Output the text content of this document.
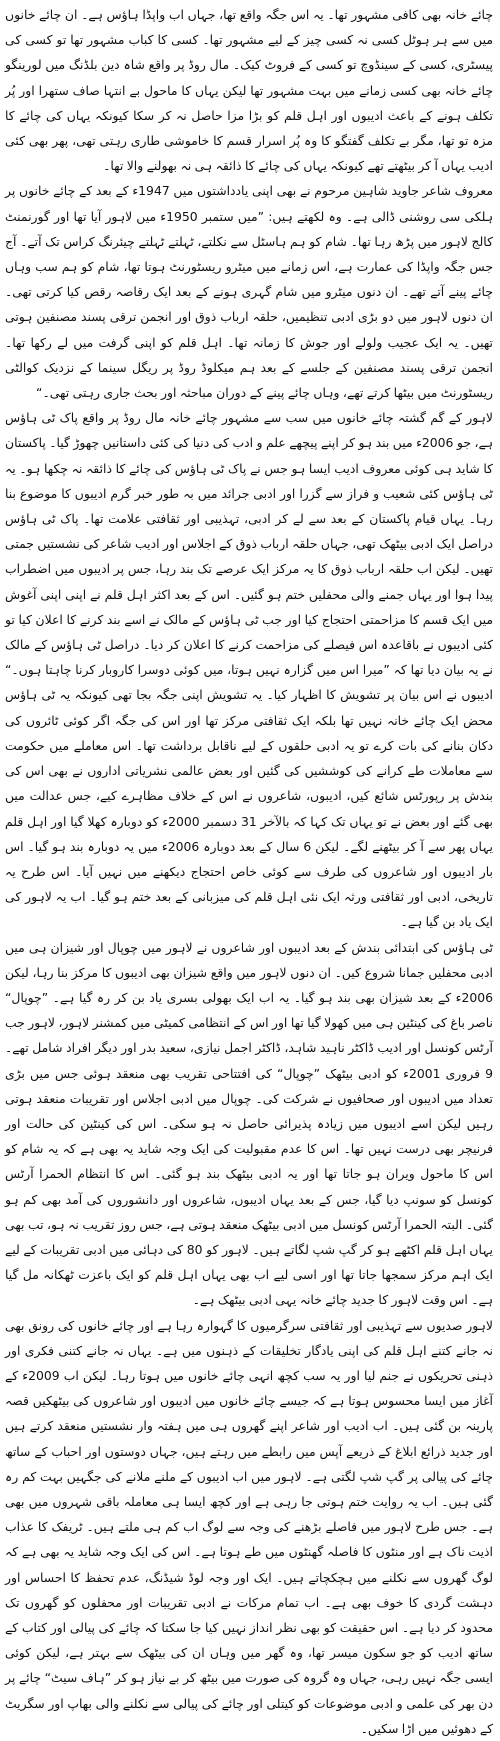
چائے خانہ بھی کافی مشہور تھا۔ یہ اس جگہ واقع تھا، جہاں اب واپڈا ہاؤس ہے۔ ان چائے خانوں میں سے ہر ہوٹل کسی نہ کسی چیز کے لیے مشہور تھا۔ کسی کا کباب مشہور تھا تو کسی کی پیسٹری، کسی کے سینڈوچ تو کسی کے فروٹ کیک۔ مال روڈ پر واقع شاہ دین بلڈنگ میں لورینگو چائے خانہ بھی کسی زمانے میں بہت مشہور تھا لیکن یہاں کا ماحول بے انتہا صاف ستھرا اور پُر تکلف ہونے کے باعث ادیبوں اور اہل قلم کو بڑا مزا حاصل نہ کر سکا کیونکہ یہاں کی چائے کا مزہ تو تھا، مگر بے تکلف گفتگو کا وہ پُر اسرار قسم کا خاموشی طاری رہتی تھی، پھر بھی کئی ادیب یہاں آ کر بیٹھتے تھے کیونکہ یہاں کی چائے کا ذائقہ ہی نہ بھولنے والا تھا۔

معروف شاعر جاوید شاہین مرحوم نے بھی اپنی یادداشتوں میں 1947ء کے بعد کے چائے خانوں پر ہلکی سی روشنی ڈالی ہے۔ وہ لکھتے ہیں: ”میں ستمبر 1950ء میں لاہور آیا تھا اور گورنمنٹ کالج لاہور میں پڑھ رہا تھا۔ شام کو ہم ہاسٹل سے نکلتے، ٹہلتے ٹہلتے چیئرنگ کراس تک آتے۔ آج جس جگہ واپڈا کی عمارت ہے، اس زمانے میں میٹرو ریسٹورنٹ ہوتا تھا، شام کو ہم سب وہاں چائے پینے آتے تھے۔ ان دنوں میٹرو میں شام گہری ہونے کے بعد ایک رقاصہ رقص کیا کرتی تھی۔ ان دنوں لاہور میں دو بڑی ادبی تنظیمیں، حلقہ ارباب ذوق اور انجمن ترقی پسند مصنفین ہوتی تھیں۔ یہ ایک عجیب ولولے اور جوش کا زمانہ تھا۔ اہل قلم کو اپنی گرفت میں لے رکھا تھا۔ انجمن ترقی پسند مصنفین کے جلسے کے بعد ہم میکلوڈ روڈ پر ریگل سینما کے نزدیک کوالٹی ریسٹورنٹ میں بیٹھا کرتے تھے، وہاں چائے پینے کے دوران مباحثہ اور بحث جاری رہتی تھی۔“

لاہور کے گم گشتہ چائے خانوں میں سب سے مشہور چائے خانہ مال روڈ پر واقع پاک ٹی ہاؤس ہے، جو 2006ء میں بند ہو کر اپنے پیچھے علم و ادب کی دنیا کی کئی داستانیں چھوڑ گیا۔ پاکستان کا شاید ہی کوئی معروف ادیب ایسا ہو جس نے پاک ٹی ہاؤس کی چائے کا ذائقہ نہ چکھا ہو۔ یہ ٹی ہاؤس کئی شعیب و فراز سے گزرا اور ادبی جرائد میں بہ طور خبر گرم ادیبوں کا موضوع بنا رہا۔ یہاں قیام پاکستان کے بعد سے لے کر ادبی، تہذیبی اور ثقافتی علامت تھا۔ پاک ٹی ہاؤس دراصل ایک ادبی بیٹھک تھی، جہاں حلقہ ارباب ذوق کے اجلاس اور ادیب شاعر کی نشستیں جمتی تھیں۔ لیکن اب حلقہ ارباب ذوق کا یہ مرکز ایک عرصے تک بند رہا، جس پر ادیبوں میں اضطراب پیدا ہوا اور یہاں جمنے والی محفلیں ختم ہو گئیں۔ اس کے بعد اکثر اہل قلم نے اپنی اپنی آغوش میں ایک قسم کا مزاحمتی احتجاج کیا اور جب ٹی ہاؤس کے مالک نے اسے بند کرنے کا اعلان کیا تو کئی ادیبوں نے باقاعدہ اس فیصلے کی مزاحمت کرنے کا اعلان کر دیا۔ دراصل ٹی ہاؤس کے مالک نے یہ بیان دیا تھا کہ ”میرا اس میں گزارہ نہیں ہوتا، میں کوئی دوسرا کاروبار کرنا چاہتا ہوں۔“ ادیبوں نے اس بیان پر تشویش کا اظہار کیا۔ یہ تشویش اپنی جگہ بجا تھی کیونکہ یہ ٹی ہاؤس محض ایک چائے خانہ نہیں تھا بلکہ ایک ثقافتی مرکز تھا اور اس کی جگہ اگر کوئی ٹائروں کی دکان بنانے کی بات کرے تو یہ ادبی حلقوں کے لیے ناقابل برداشت تھا۔ اس معاملے میں حکومت سے معاملات طے کرانے کی کوششیں کی گئیں اور بعض عالمی نشریاتی اداروں نے بھی اس کی بندش پر رپورٹس شائع کیں، ادیبوں، شاعروں نے اس کے خلاف مظاہرے کیے، جس عدالت میں بھی گئے اور بعض نے تو یہاں تک کہا کہ بالآخر 31 دسمبر 2000ء کو دوبارہ کھلا گیا اور اہل قلم یہاں پھر سے آ کر بیٹھنے لگے۔ لیکن 6 سال کے بعد دوبارہ 2006ء میں یہ دوبارہ بند ہو گیا۔ اس بار ادیبوں اور شاعروں کی طرف سے کوئی خاص احتجاج دیکھنے میں نہیں آیا۔ اس طرح یہ تاریخی، ادبی اور ثقافتی ورثہ ایک نئی اہل قلم کی میزبانی کے بعد ختم ہو گیا۔ اب یہ لاہور کی ایک یاد بن گیا ہے۔

ٹی ہاؤس کی ابتدائی بندش کے بعد ادیبوں اور شاعروں نے لاہور میں چوپال اور شیزان ہی میں ادبی محفلیں جمانا شروع کیں۔ ان دنوں لاہور میں واقع شیزان بھی ادیبوں کا مرکز بنا رہا، لیکن 2006ء کے بعد شیزان بھی بند ہو گیا۔ یہ اب ایک بھولی بسری یاد بن کر رہ گیا ہے۔ ”چوپال“ ناصر باغ کی کینٹین ہی میں کھولا گیا تھا اور اس کے انتظامی کمیٹی میں کمشنر لاہور، لاہور جب آرٹس کونسل اور ادیب ڈاکٹر ناہید شاہد، ڈاکٹر اجمل نیازی، سعید بدر اور دیگر افراد شامل تھے۔ 9 فروری 2001ء کو ادبی بیٹھک ”چوپال“ کی افتتاحی تقریب بھی منعقد ہوئی جس میں بڑی تعداد میں ادیبوں اور صحافیوں نے شرکت کی۔ چوپال میں ادبی اجلاس اور تقریبات منعقد ہوتی رہیں لیکن اسے ادیبوں میں زیادہ پذیرائی حاصل نہ ہو سکی۔ اس کی کینٹین کی حالت اور فرنیچر بھی درست نہیں تھا۔ اس کا عدم مقبولیت کی ایک وجہ شاید یہ بھی ہے کہ یہ شام کو اس کا ماحول ویران ہو جاتا تھا اور یہ ادبی بیٹھک بند ہو گئی۔ اس کا انتظام الحمرا آرٹس کونسل کو سونپ دیا گیا، جس کے بعد یہاں ادیبوں، شاعروں اور دانشوروں کی آمد بھی کم ہو گئی۔ البتہ الحمرا آرٹس کونسل میں ادبی بیٹھک منعقد ہوتی ہے، جس روز تقریب نہ ہو، تب بھی یہاں اہل قلم اکٹھے ہو کر گپ شپ لگاتے ہیں۔ لاہور کو 80 کی دہائی میں ادبی تقریبات کے لیے ایک اہم مرکز سمجھا جاتا تھا اور اسی لیے اب بھی یہاں اہل قلم کو ایک باعزت ٹھکانہ مل گیا ہے۔ اس وقت لاہور کا جدید چائے خانہ یہی ادبی بیٹھک ہے۔

لاہور صدیوں سے تہذیبی اور ثقافتی سرگرمیوں کا گہوارہ رہا ہے اور چائے خانوں کی رونق بھی نہ جانے کتنے اہل قلم کی اپنی یادگار تخلیقات کے ذہنوں میں ہے۔ یہاں نہ جانے کتنی فکری اور ذہنی تحریکوں نے جنم لیا اور یہ سب کچھ انہی چائے خانوں میں ہوتا رہا۔ لیکن اب 2009ء کے آغاز میں ایسا محسوس ہوتا ہے کہ جیسے چائے خانوں میں ادیبوں اور شاعروں کی بیٹھکیں قصہ پارینہ بن گئی ہیں۔ اب ادیب اور شاعر اپنے گھروں ہی میں ہفتہ وار نشستیں منعقد کرتے ہیں اور جدید ذرائع ابلاغ کے ذریعے آپس میں رابطے میں رہتے ہیں، جہاں دوستوں اور احباب کے ساتھ چائے کی پیالی پر گپ شپ لگتی ہے۔ لاہور میں اب ادیبوں کے ملنے ملانے کی جگہیں بہت کم رہ گئی ہیں۔ اب یہ روایت ختم ہوتی جا رہی ہے اور کچھ ایسا ہی معاملہ باقی شہروں میں بھی ہے۔ جس طرح لاہور میں فاصلے بڑھنے کی وجہ سے لوگ اب کم ہی ملتے ہیں۔ ٹریفک کا عذاب اذیت ناک ہے اور منٹوں کا فاصلہ گھنٹوں میں طے ہوتا ہے۔ اس کی ایک وجہ شاید یہ بھی ہے کہ لوگ گھروں سے نکلنے میں ہچکچاتے ہیں۔ ایک اور وجہ لوڈ شیڈنگ، عدم تحفظ کا احساس اور دہشت گردی کا خوف بھی ہے۔ اب تمام مرکات نے ادبی تقریبات اور محفلوں کو گھروں تک محدود کر دیا ہے۔ اس حقیقت کو بھی نظر انداز نہیں کیا جا سکتا کہ چائے کی پیالی اور کتاب کے ساتھ ادیب کو جو سکون میسر تھا، وہ گھر میں وہاں ان کی بیٹھک سے بہتر ہے، لیکن کوئی ایسی جگہ نہیں رہی، جہاں وہ گروہ کی صورت میں بیٹھ کر بے نیاز ہو کر ”ہاف سیٹ“ چائے پر دن بھر کی علمی و ادبی موضوعات کو کیتلی اور چائے کی پیالی سے نکلنے والی بھاپ اور سگریٹ کے دھوئیں میں اڑا سکیں۔
